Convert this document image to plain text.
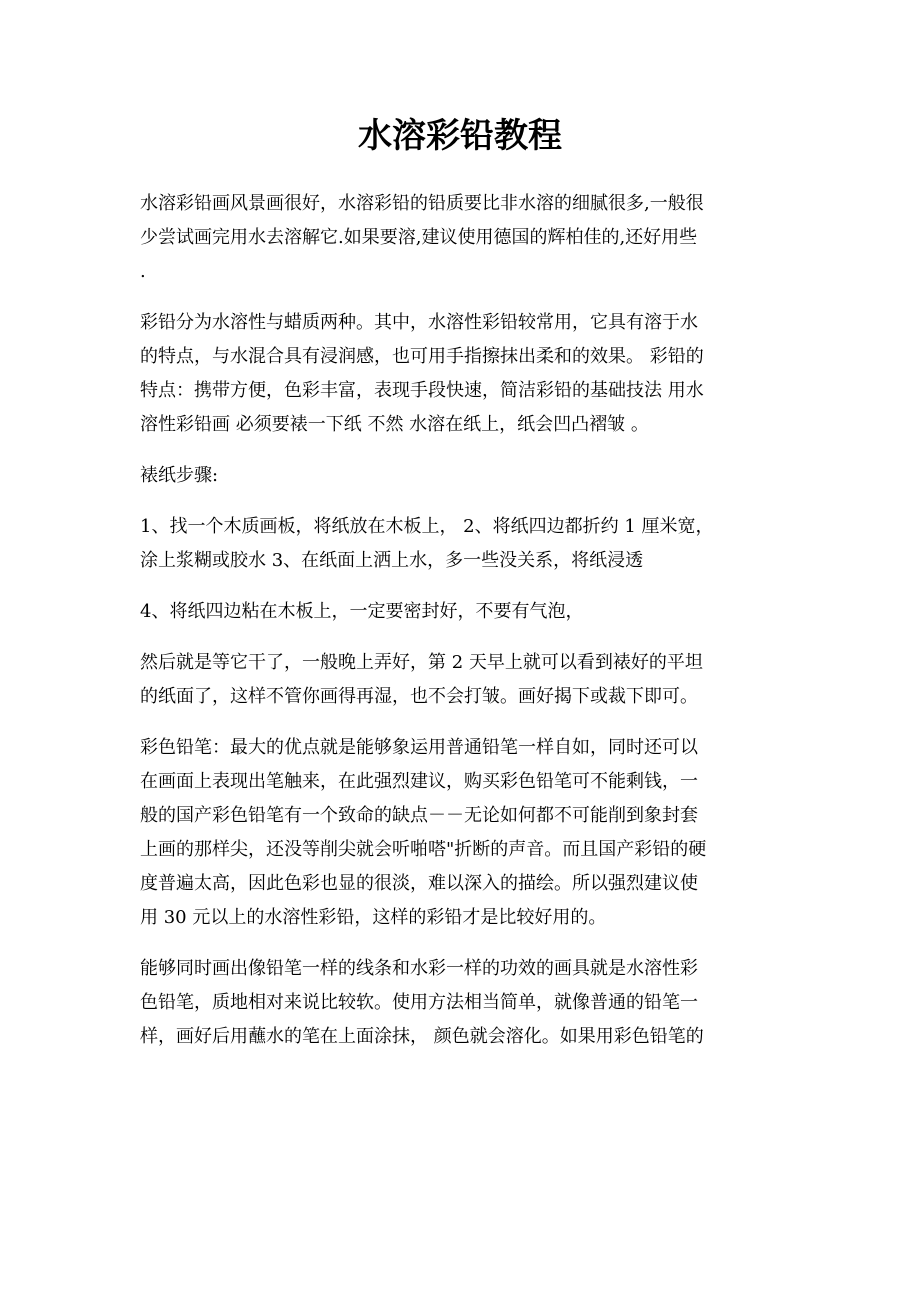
水溶彩铅教程

水溶彩铅画风景画很好，水溶彩铅的铅质要比非水溶的细腻很多,一般很
少尝试画完用水去溶解它.如果要溶,建议使用德国的辉柏佳的,还好用些
.

彩铅分为水溶性与蜡质两种。其中，水溶性彩铅较常用，它具有溶于水
的特点，与水混合具有浸润感，也可用手指擦抹出柔和的效果。 彩铅的
特点：携带方便，色彩丰富，表现手段快速，简洁彩铅的基础技法 用水
溶性彩铅画 必须要裱一下纸 不然 水溶在纸上，纸会凹凸褶皱 。

裱纸步骤:

1、找一个木质画板，将纸放在木板上， 2、将纸四边都折约 1 厘米宽，
涂上浆糊或胶水 3、在纸面上洒上水，多一些没关系，将纸浸透

4、将纸四边粘在木板上，一定要密封好，不要有气泡，

然后就是等它干了，一般晚上弄好，第 2 天早上就可以看到裱好的平坦
的纸面了，这样不管你画得再湿，也不会打皱。画好揭下或裁下即可。

彩色铅笔：最大的优点就是能够象运用普通铅笔一样自如，同时还可以
在画面上表现出笔触来，在此强烈建议，购买彩色铅笔可不能剩钱，一
般的国产彩色铅笔有一个致命的缺点－－无论如何都不可能削到象封套
上画的那样尖，还没等削尖就会听啪嗒"折断的声音。而且国产彩铅的硬
度普遍太高，因此色彩也显的很淡，难以深入的描绘。所以强烈建议使
用 30 元以上的水溶性彩铅，这样的彩铅才是比较好用的。

能够同时画出像铅笔一样的线条和水彩一样的功效的画具就是水溶性彩
色铅笔，质地相对来说比较软。使用方法相当简单，就像普通的铅笔一
样，画好后用蘸水的笔在上面涂抹， 颜色就会溶化。如果用彩色铅笔的
